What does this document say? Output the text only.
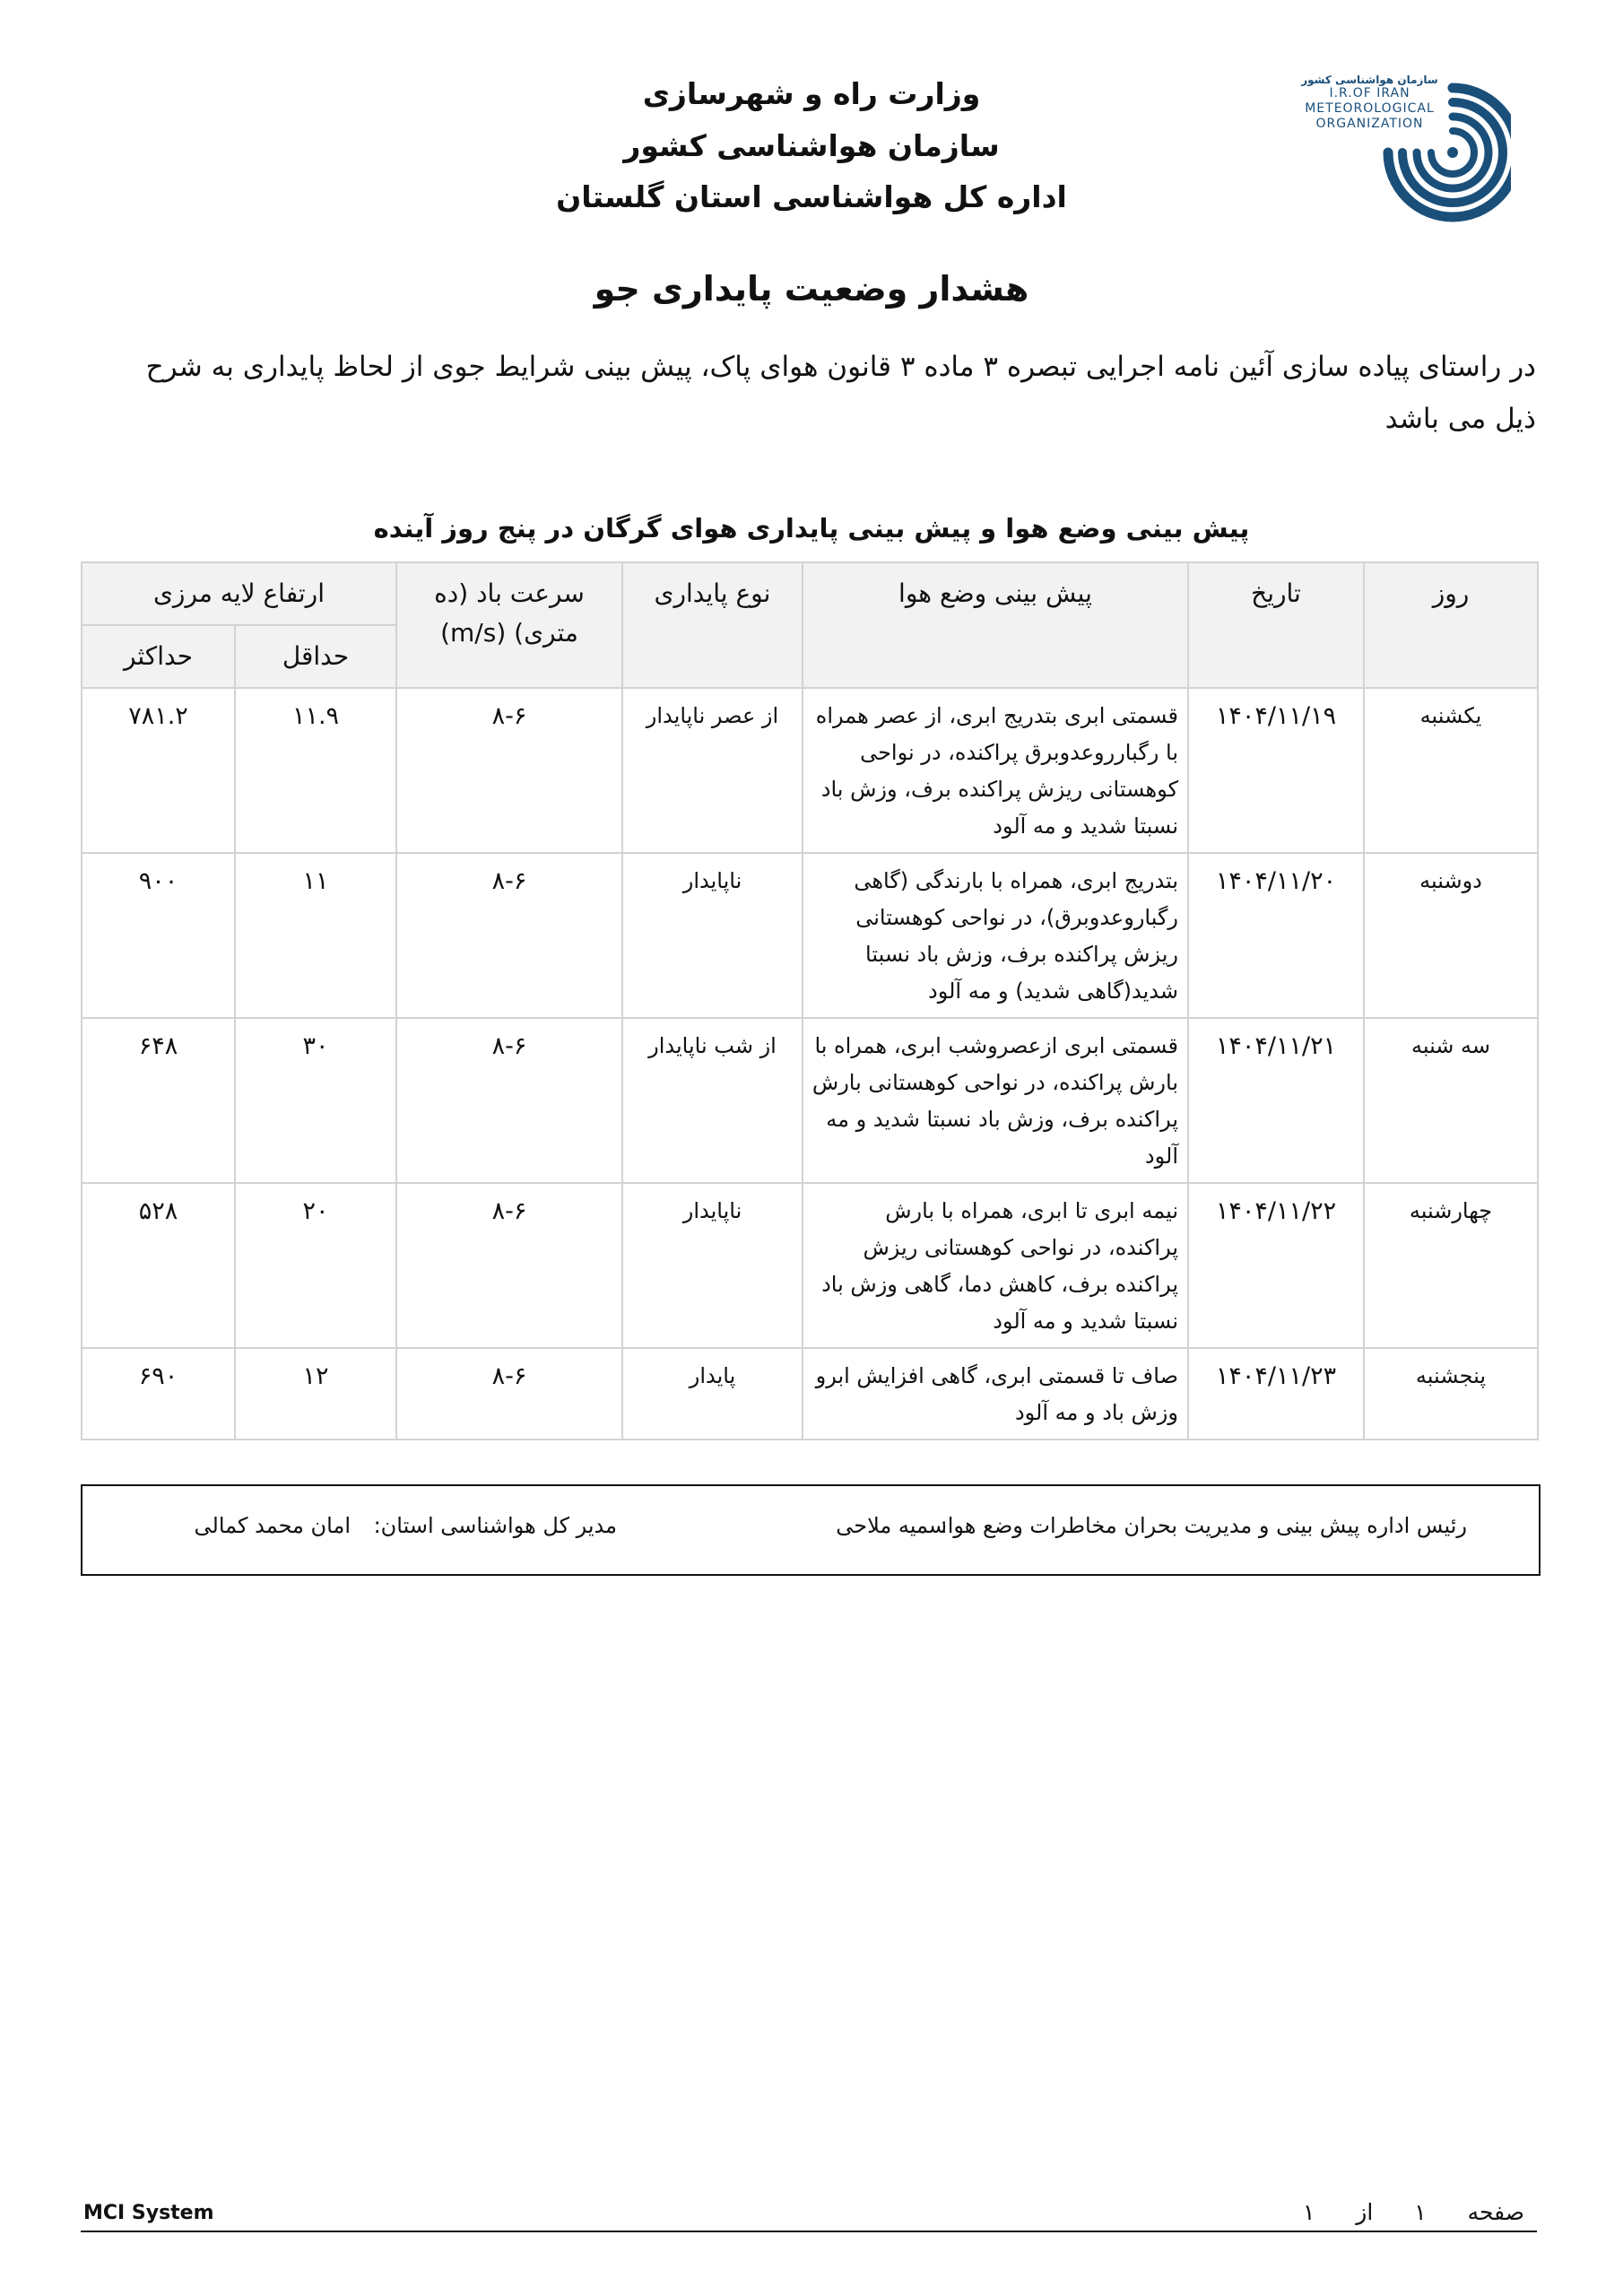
سازمان هواشناسی کشور
I.R.OF IRAN
METEOROLOGICAL
ORGANIZATION
وزارت راه و شهرسازی
سازمان هواشناسی کشور
اداره کل هواشناسی استان گلستان
هشدار وضعیت پایداری جو
در راستای پیاده سازی آئین نامه اجرایی تبصره ۳ ماده ۳ قانون هوای پاک، پیش بینی شرایط جوی از لحاظ پایداری به شرح ذیل می باشد
پیش بینی وضع هوا و پیش بینی پایداری هوای گرگان در پنج روز آینده
روز	تاریخ	پیش بینی وضع هوا	نوع پایداری	سرعت باد (ده متری) (m/s)	ارتفاع لایه مرزی	
					حداقل	حداکثر
یکشنبه	۱۴۰۴/۱۱/۱۹	قسمتی ابری بتدریج ابری، از عصر همراه با رگبارروعدوبرق پراکنده، در نواحی کوهستانی ریزش پراکنده برف، وزش باد نسبتا شدید و مه آلود	از عصر ناپایدار	۸-۶	۱۱.۹	۷۸۱.۲
دوشنبه	۱۴۰۴/۱۱/۲۰	بتدریج ابری، همراه با بارندگی (گاهی رگباروعدوبرق)، در نواحی کوهستانی ریزش پراکنده برف، وزش باد نسبتا شدید(گاهی شدید) و مه آلود	ناپایدار	۸-۶	۱۱	۹۰۰
سه شنبه	۱۴۰۴/۱۱/۲۱	قسمتی ابری ازعصروشب ابری، همراه با بارش پراکنده، در نواحی کوهستانی بارش پراکنده برف، وزش باد نسبتا شدید و مه آلود	از شب ناپایدار	۸-۶	۳۰	۶۴۸
چهارشنبه	۱۴۰۴/۱۱/۲۲	نیمه ابری تا ابری، همراه با بارش پراکنده، در نواحی کوهستانی ریزش پراکنده برف، کاهش دما، گاهی وزش باد نسبتا شدید و مه آلود	ناپایدار	۸-۶	۲۰	۵۲۸
پنجشنبه	۱۴۰۴/۱۱/۲۳	صاف تا قسمتی ابری، گاهی افزایش ابرو وزش باد و مه آلود	پایدار	۸-۶	۱۲	۶۹۰
رئیس اداره پیش بینی و مدیریت بحران مخاطرات وضع هوا:
سمیه ملاحی
مدیر کل هواشناسی استان:
امان محمد کمالی
MCI System	صفحه  ۱  از  ۱
